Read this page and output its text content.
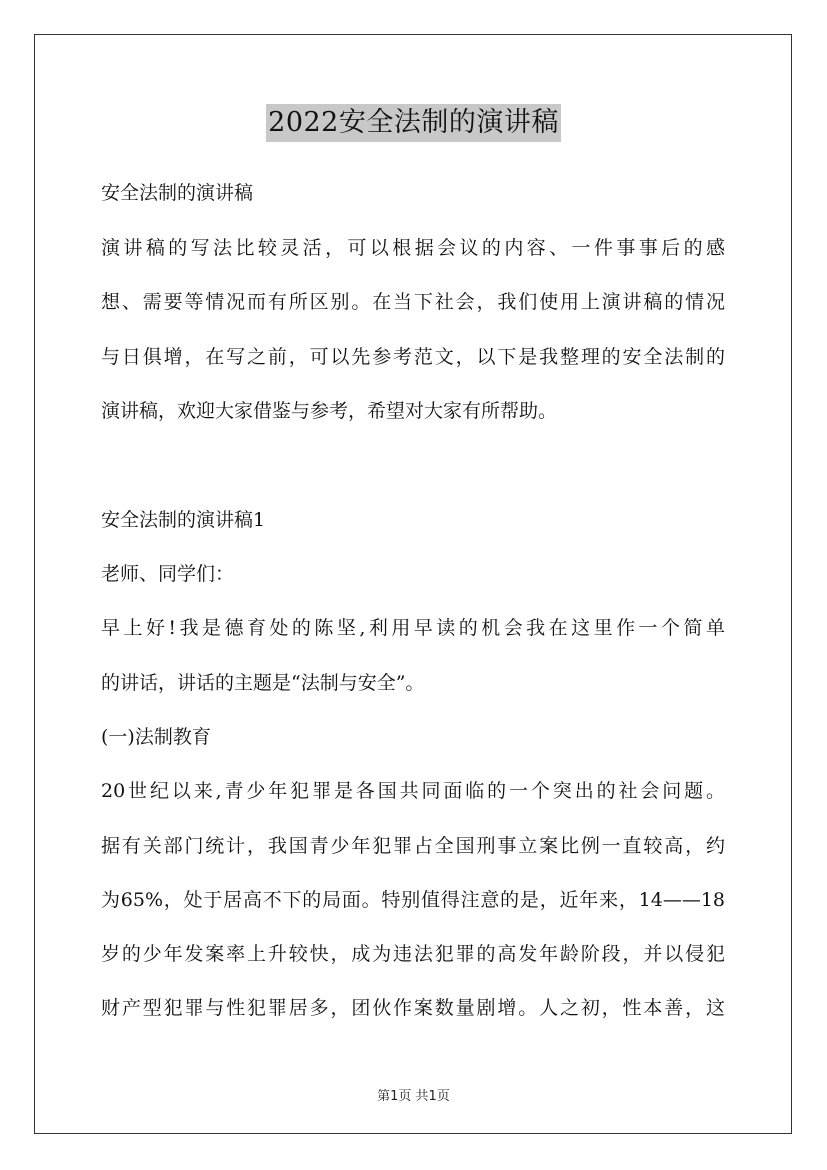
2022安全法制的演讲稿
安全法制的演讲稿
演讲稿的写法比较灵活，可以根据会议的内容、一件事事后的感
想、需要等情况而有所区别。在当下社会，我们使用上演讲稿的情况
与日俱增，在写之前，可以先参考范文，以下是我整理的安全法制的
演讲稿，欢迎大家借鉴与参考，希望对大家有所帮助。
安全法制的演讲稿1
老师、同学们：
早上好!我是德育处的陈坚,利用早读的机会我在这里作一个简单
的讲话，讲话的主题是“法制与安全”。
(一)法制教育
20世纪以来,青少年犯罪是各国共同面临的一个突出的社会问题。
据有关部门统计，我国青少年犯罪占全国刑事立案比例一直较高，约
为65%，处于居高不下的局面。特别值得注意的是，近年来，14——18
岁的少年发案率上升较快，成为违法犯罪的高发年龄阶段，并以侵犯
财产型犯罪与性犯罪居多，团伙作案数量剧增。人之初，性本善，这
第1页 共1页
